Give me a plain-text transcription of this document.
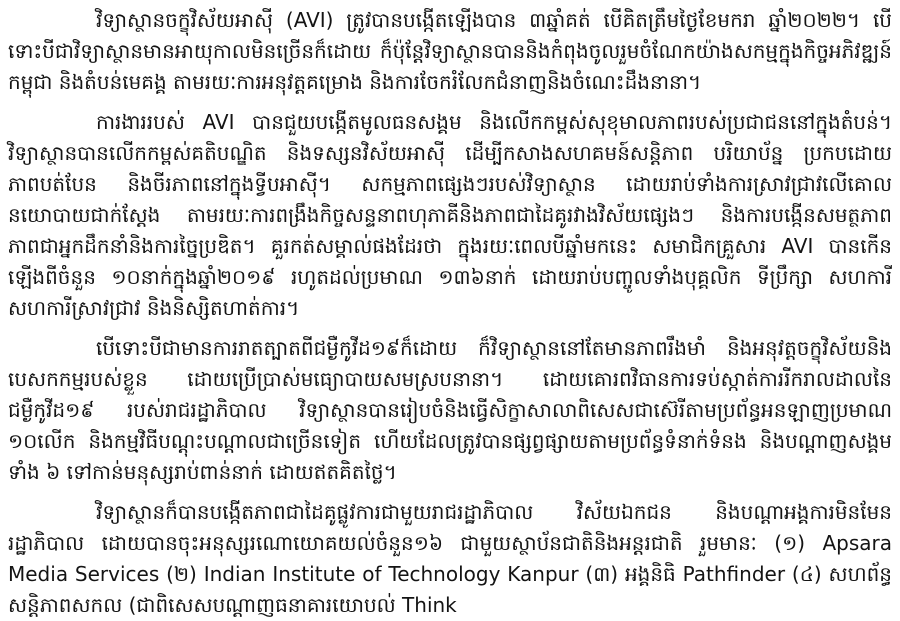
វិទ្យាស្ថានចក្ខុវិស័យអាស៊ី (AVI) ត្រូវបានបង្កើតឡើងបាន ៣ឆ្នាំគត់ បើគិតត្រឹមថ្ងៃខែមករា ឆ្នាំ២០២២។ បើទោះបីជាវិទ្យាស្ថានមានអាយុកាលមិនច្រើនក៏ដោយ ក៏ប៉ុន្តែវិទ្យាស្ថានបាននិងកំពុងចូលរួមចំណែកយ៉ាងសកម្មក្នុងកិច្ចអភិវឌ្ឍន៍កម្ពុជា និងតំបន់មេគង្គ តាមរយៈការអនុវត្តគម្រោង និងការចែករំលែកជំនាញនិងចំណេះដឹងនានា។

ការងាររបស់ AVI បានជួយបង្កើតមូលធនសង្គម និងលើកកម្ពស់សុខុមាលភាពរបស់ប្រជាជននៅក្នុងតំបន់។ វិទ្យាស្ថានបានលើកកម្ពស់គតិបណ្ឌិត និងទស្សនវិស័យអាស៊ី ដើម្បីកសាងសហគមន៍សន្តិភាព បរិយាប័ន្ន ប្រកបដោយភាពបត់បែន និងចីរភាពនៅក្នុងទ្វីបអាស៊ី។ សកម្មភាពផ្សេងៗរបស់វិទ្យាស្ថាន ដោយរាប់ទាំងការស្រាវជ្រាវលើគោលនយោបាយជាក់ស្តែង តាមរយៈការពង្រឹងកិច្ចសន្ទនាពហុភាគីនិងភាពជាដៃគូរវាងវិស័យផ្សេងៗ និងការបង្កើនសមត្ថភាពភាពជាអ្នកដឹកនាំនិងការច្នៃប្រឌិត។ គួរកត់សម្គាល់ផងដែរថា ក្នុងរយៈពេលបីឆ្នាំមកនេះ សមាជិកគ្រួសារ AVI បានកើនឡើងពីចំនួន ១០នាក់ក្នុងឆ្នាំ២០១៩ រហូតដល់ប្រមាណ ១៣៦នាក់ ដោយរាប់បញ្ចូលទាំងបុគ្គលិក ទីប្រឹក្សា សហការី សហការីស្រាវជ្រាវ និងនិស្សិតហាត់ការ។

បើទោះបីជាមានការរាតត្បាតពីជម្ងឺកូវីដ១៩ក៏ដោយ ក៏វិទ្យាស្ថាននៅតែមានភាពរឹងមាំ និងអនុវត្តចក្ខុវិស័យនិងបេសកកម្មរបស់ខ្លួន ដោយប្រើប្រាស់មធ្យោបាយសមស្របនានា។ ដោយគោរពវិធានការទប់ស្កាត់ការរីករាលដាលនៃជម្ងឺកូវីដ១៩ របស់រាជរដ្ឋាភិបាល វិទ្យាស្ថានបានរៀបចំនិងធ្វើសិក្ខាសាលាពិសេសជាស៊េរីតាមប្រព័ន្ធអនឡាញប្រមាណ ១០លើក និងកម្មវិធីបណ្តុះបណ្តាលជាច្រើនទៀត ហើយដែលត្រូវបានផ្សព្វផ្សាយតាមប្រព័ន្ធទំនាក់ទំនង និងបណ្តាញសង្គមទាំង ៦ ទៅកាន់មនុស្សរាប់ពាន់នាក់ ដោយឥតគិតថ្លៃ។

វិទ្យាស្ថានក៏បានបង្កើតភាពជាដៃគូផ្លូវការជាមួយរាជរដ្ឋាភិបាល វិស័យឯកជន និងបណ្តាអង្គការមិនមែនរដ្ឋាភិបាល ដោយបានចុះអនុស្សរណោយោគយល់ចំនួន១៦ ជាមួយស្ថាប័នជាតិនិងអន្តរជាតិ រួមមានៈ (១) Apsara Media Services (២) Indian Institute of Technology Kanpur (៣) អង្គនិធិ Pathfinder (៤) សហព័ន្ធសន្តិភាពសកល (ជាពិសេសបណ្តាញធនាគារយោបល់ Think
